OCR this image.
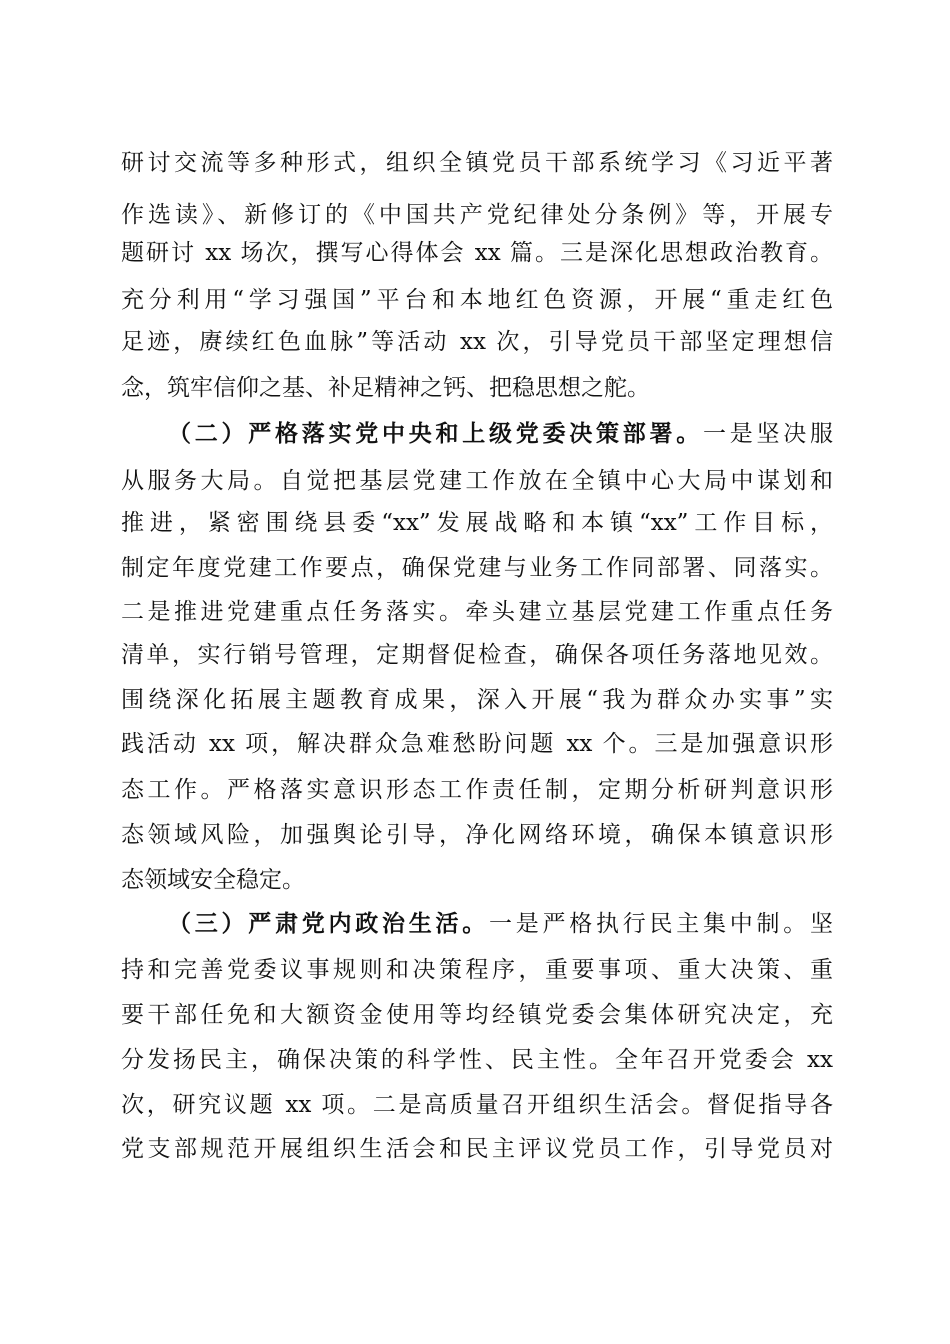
研讨交流等多种形式，组织全镇党员干部系统学习《习近平著
作选读》、新修订的《中国共产党纪律处分条例》等，开展专
题研讨 xx 场次，撰写心得体会 xx 篇。三是深化思想政治教育。
充分利用“学习强国”平台和本地红色资源，开展“重走红色
足迹，赓续红色血脉”等活动 xx 次，引导党员干部坚定理想信
念，筑牢信仰之基、补足精神之钙、把稳思想之舵。
（二）严格落实党中央和上级党委决策部署。一是坚决服
从服务大局。自觉把基层党建工作放在全镇中心大局中谋划和
推进，紧密围绕县委“xx”发展战略和本镇“xx”工作目标，
制定年度党建工作要点，确保党建与业务工作同部署、同落实。
二是推进党建重点任务落实。牵头建立基层党建工作重点任务
清单，实行销号管理，定期督促检查，确保各项任务落地见效。
围绕深化拓展主题教育成果，深入开展“我为群众办实事”实
践活动 xx 项，解决群众急难愁盼问题 xx 个。三是加强意识形
态工作。严格落实意识形态工作责任制，定期分析研判意识形
态领域风险，加强舆论引导，净化网络环境，确保本镇意识形
态领域安全稳定。
（三）严肃党内政治生活。一是严格执行民主集中制。坚
持和完善党委议事规则和决策程序，重要事项、重大决策、重
要干部任免和大额资金使用等均经镇党委会集体研究决定，充
分发扬民主，确保决策的科学性、民主性。全年召开党委会 xx
次，研究议题 xx 项。二是高质量召开组织生活会。督促指导各
党支部规范开展组织生活会和民主评议党员工作，引导党员对
